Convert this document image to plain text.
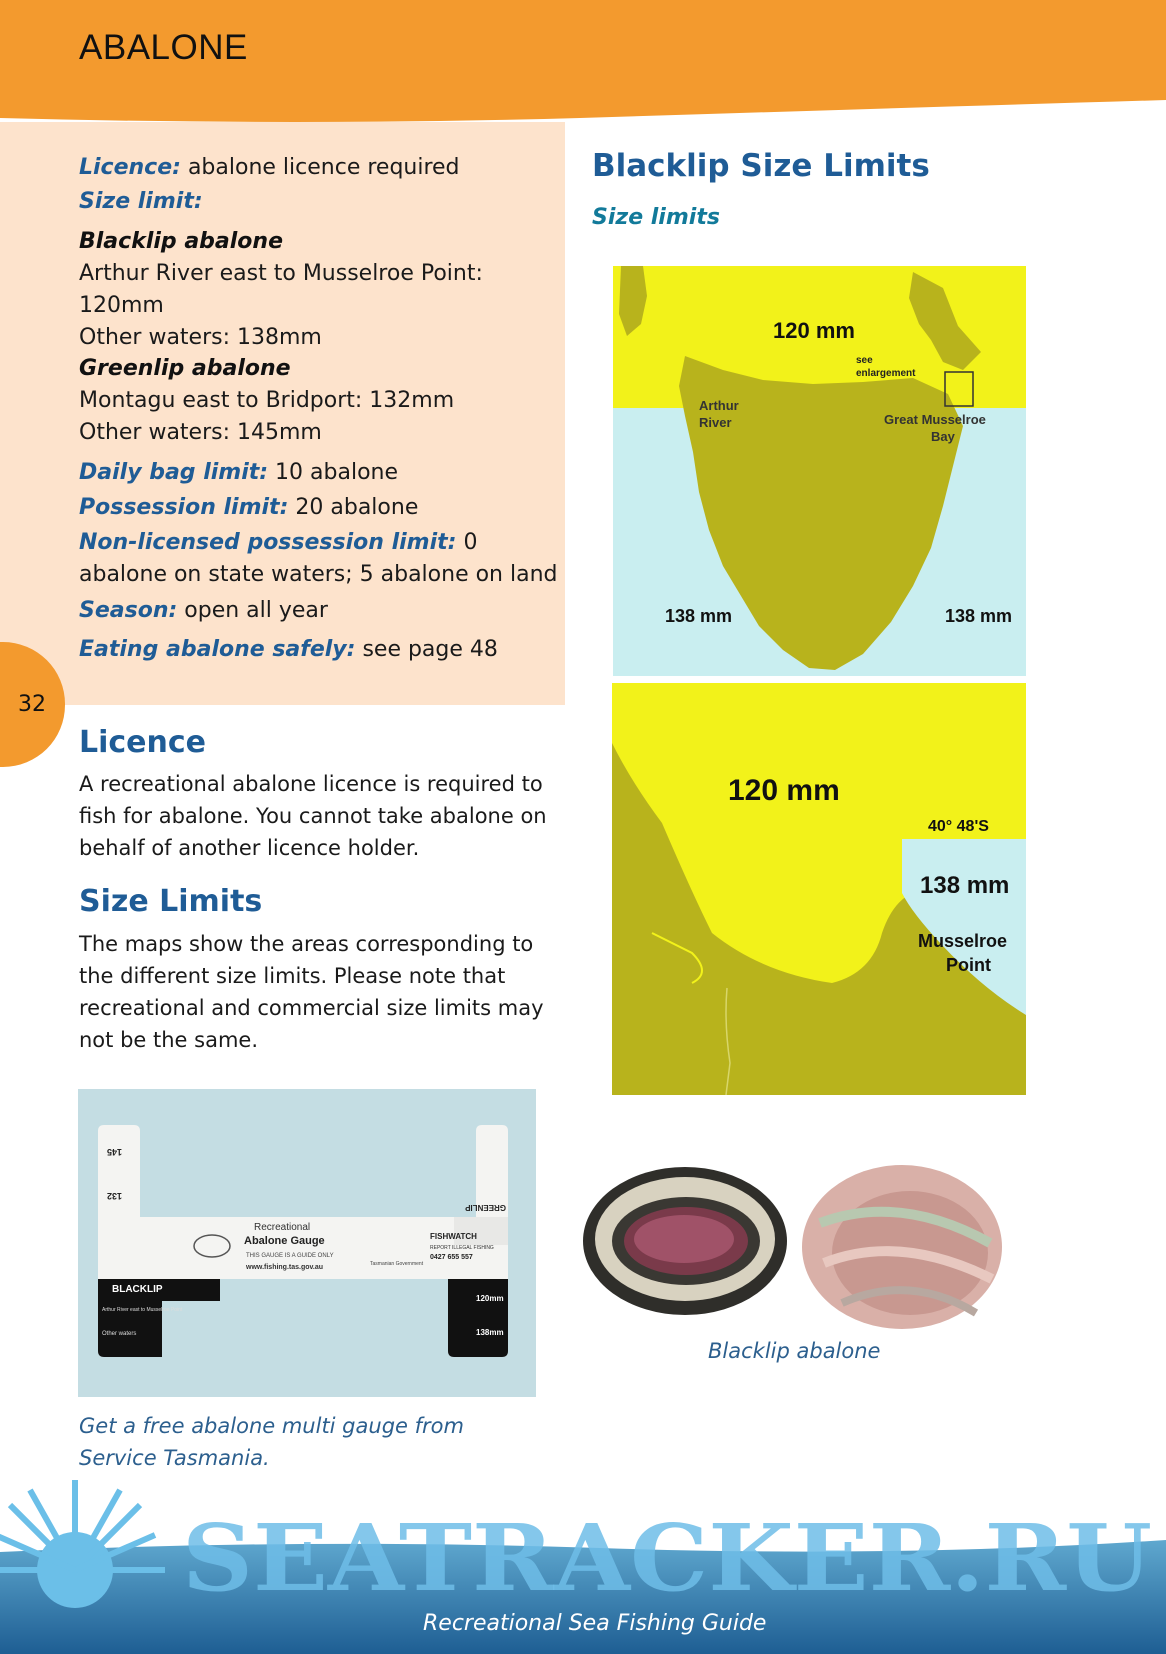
ABALONE
Licence: abalone licence required
Size limit:
Blacklip abalone
Arthur River east to Musselroe Point:
120mm
Other waters: 138mm
Greenlip abalone
Montagu east to Bridport: 132mm
Other waters: 145mm
Daily bag limit: 10 abalone
Possession limit: 20 abalone
Non-licensed possession limit: 0
abalone on state waters; 5 abalone on land
Season: open all year
Eating abalone safely: see page 48
32
Licence
A recreational abalone licence is required to fish for abalone. You cannot take abalone on behalf of another licence holder.
Size Limits
The maps show the areas corresponding to the different size limits. Please note that recreational and commercial size limits may not be the same.
Blacklip Size Limits
Size limits
120 mm
see
enlargement
Arthur
River	Great Musselroe
Bay
138 mm	138 mm
120 mm
40° 48'S
138 mm
Musselroe
Point
Recreational
Abalone Gauge
THIS GAUGE IS A GUIDE ONLY
www.fishing.tas.gov.au	Tasmanian Government
FISHWATCH
REPORT ILLEGAL FISHING
0427 655 557
BLACKLIP
Arthur River east to Musselroe Point
Other waters
GREENLIP
145
132
120mm
138mm
Get a free abalone multi gauge from Service Tasmania.
Blacklip abalone
SEATRACKER.RU
Recreational Sea Fishing Guide
